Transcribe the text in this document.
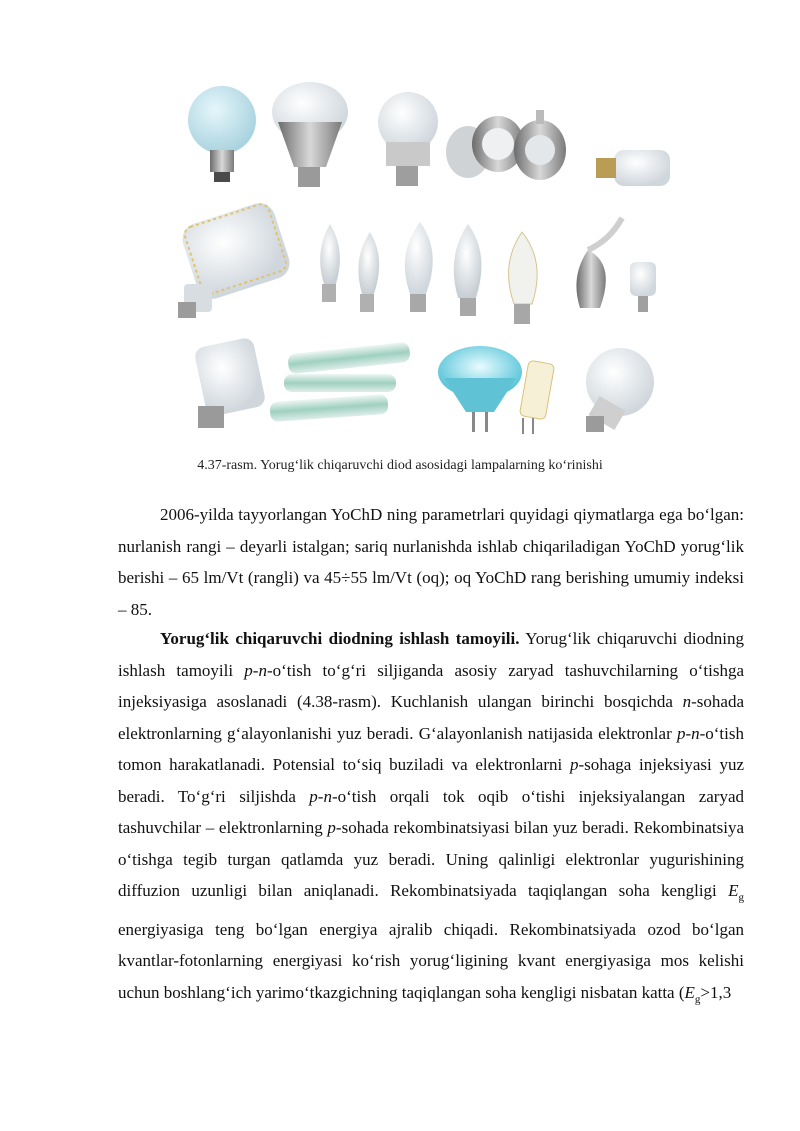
4.37-rasm. Yorug‘lik chiqaruvchi diod asosidagi lampalarning ko‘rinishi

2006-yilda tayyorlangan YoChD ning parametrlari quyidagi qiymatlarga ega bo‘lgan: nurlanish rangi – deyarli istalgan; sariq nurlanishda ishlab chiqariladigan YoChD yorug‘lik berishi – 65 lm/Vt (rangli) va 45÷55 lm/Vt (oq); oq YoChD rang berishing umumiy indeksi – 85.

Yorug‘lik chiqaruvchi diodning ishlash tamoyili. Yorug‘lik chiqaruvchi diodning ishlash tamoyili p-n-o‘tish to‘g‘ri siljiganda asosiy zaryad tashuvchilarning o‘tishga injeksiyasiga asoslanadi (4.38-rasm). Kuchlanish ulangan birinchi bosqichda n-sohada elektronlarning g‘alayonlanishi yuz beradi. G‘alayonlanish natijasida elektronlar p-n-o‘tish tomon harakatlanadi. Potensial to‘siq buziladi va elektronlarni p-sohaga injeksiyasi yuz beradi. To‘g‘ri siljishda p-n-o‘tish orqali tok oqib o‘tishi injeksiyalangan zaryad tashuvchilar – elektronlarning p-sohada rekombinatsiyasi bilan yuz beradi. Rekombinatsiya o‘tishga tegib turgan qatlamda yuz beradi. Uning qalinligi elektronlar yugurishining diffuzion uzunligi bilan aniqlanadi. Rekombinatsiyada taqiqlangan soha kengligi $E_g$ energiyasiga teng bo‘lgan energiya ajralib chiqadi. Rekombinatsiyada ozod bo‘lgan kvantlar-fotonlarning energiyasi ko‘rish yorug‘ligining kvant energiyasiga mos kelishi uchun boshlang‘ich yarimo‘tkazgichning taqiqlangan soha kengligi nisbatan katta ($E_g>1,3$
